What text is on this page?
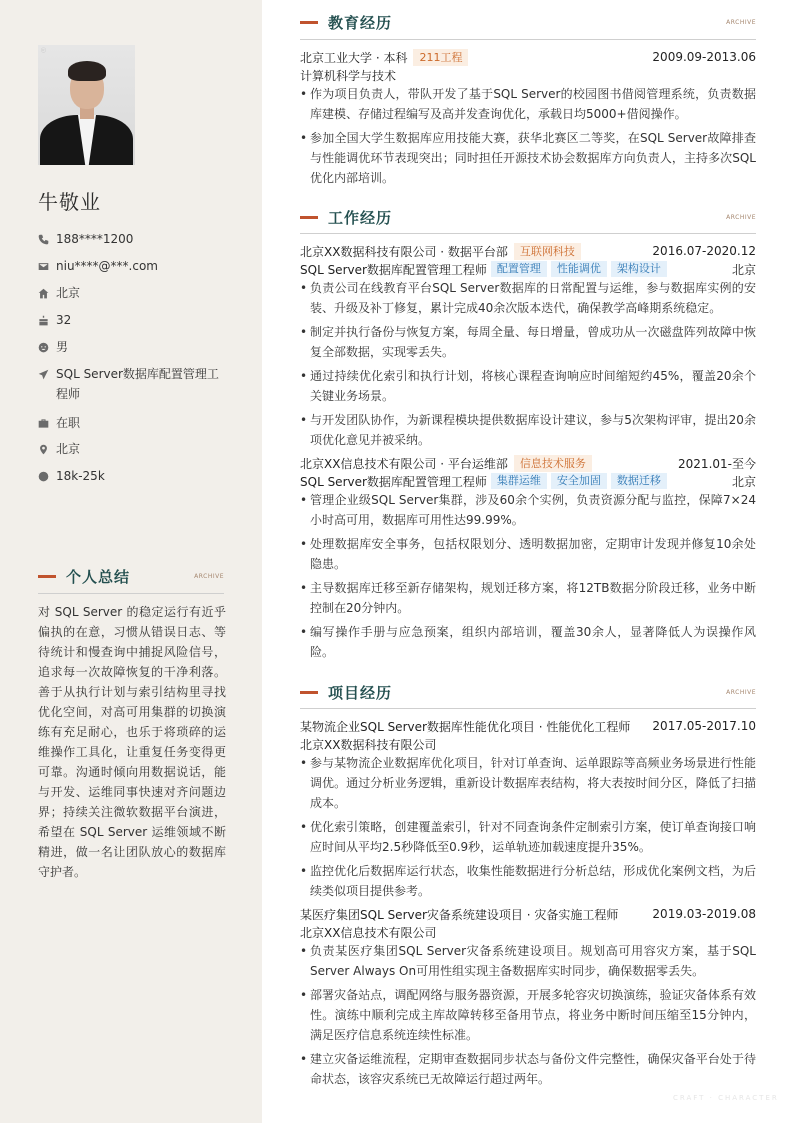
ⓒ
牛敬业
188****1200
niu****@***.com
北京
32
男
SQL Server数据库配置管理工程师
在职
北京
18k-25k
个人总结	ARCHIVE
对 SQL Server 的稳定运行有近乎偏执的在意，习惯从错误日志、等待统计和慢查询中捕捉风险信号，追求每一次故障恢复的干净利落。善于从执行计划与索引结构里寻找优化空间，对高可用集群的切换演练有充足耐心，也乐于将琐碎的运维操作工具化，让重复任务变得更可靠。沟通时倾向用数据说话，能与开发、运维同事快速对齐问题边界；持续关注微软数据平台演进，希望在 SQL Server 运维领域不断精进，做一名让团队放心的数据库守护者。
教育经历	ARCHIVE
北京工业大学 · 本科	211工程	2009.09-2013.06
计算机科学与技术
• 作为项目负责人，带队开发了基于SQL Server的校园图书借阅管理系统，负责数据库建模、存储过程编写及高并发查询优化，承载日均5000+借阅操作。
• 参加全国大学生数据库应用技能大赛，获华北赛区二等奖，在SQL Server故障排查与性能调优环节表现突出；同时担任开源技术协会数据库方向负责人，主持多次SQL优化内部培训。
工作经历	ARCHIVE
北京XX数据科技有限公司 · 数据平台部	互联网科技	2016.07-2020.12
SQL Server数据库配置管理工程师 配置管理	性能调优	架构设计	北京
• 负责公司在线教育平台SQL Server数据库的日常配置与运维，参与数据库实例的安装、升级及补丁修复，累计完成40余次版本迭代，确保教学高峰期系统稳定。
• 制定并执行备份与恢复方案，每周全量、每日增量，曾成功从一次磁盘阵列故障中恢复全部数据，实现零丢失。
• 通过持续优化索引和执行计划，将核心课程查询响应时间缩短约45%，覆盖20余个关键业务场景。
• 与开发团队协作，为新课程模块提供数据库设计建议，参与5次架构评审，提出20余项优化意见并被采纳。
北京XX信息技术有限公司 · 平台运维部	信息技术服务	2021.01-至今
SQL Server数据库配置管理工程师 集群运维	安全加固	数据迁移	北京
• 管理企业级SQL Server集群，涉及60余个实例，负责资源分配与监控，保障7×24小时高可用，数据库可用性达99.99%。
• 处理数据库安全事务，包括权限划分、透明数据加密，定期审计发现并修复10余处隐患。
• 主导数据库迁移至新存储架构，规划迁移方案，将12TB数据分阶段迁移，业务中断控制在20分钟内。
• 编写操作手册与应急预案，组织内部培训，覆盖30余人，显著降低人为误操作风险。
项目经历	ARCHIVE
某物流企业SQL Server数据库性能优化项目 · 性能优化工程师 2017.05-2017.10
北京XX数据科技有限公司
• 参与某物流企业数据库优化项目，针对订单查询、运单跟踪等高频业务场景进行性能调优。通过分析业务逻辑，重新设计数据库表结构，将大表按时间分区，降低了扫描成本。
• 优化索引策略，创建覆盖索引，针对不同查询条件定制索引方案，使订单查询接口响应时间从平均2.5秒降低至0.9秒，运单轨迹加载速度提升35%。
• 监控优化后数据库运行状态，收集性能数据进行分析总结，形成优化案例文档，为后续类似项目提供参考。
某医疗集团SQL Server灾备系统建设项目 · 灾备实施工程师	2019.03-2019.08
北京XX信息技术有限公司
• 负责某医疗集团SQL Server灾备系统建设项目。规划高可用容灾方案，基于SQL Server Always On可用性组实现主备数据库实时同步，确保数据零丢失。
• 部署灾备站点，调配网络与服务器资源，开展多轮容灾切换演练，验证灾备体系有效性。演练中顺利完成主库故障转移至备用节点，将业务中断时间压缩至15分钟内，满足医疗信息系统连续性标准。
• 建立灾备运维流程，定期审查数据同步状态与备份文件完整性，确保灾备平台处于待命状态，该容灾系统已无故障运行超过两年。
CRAFT · CHARACTER
